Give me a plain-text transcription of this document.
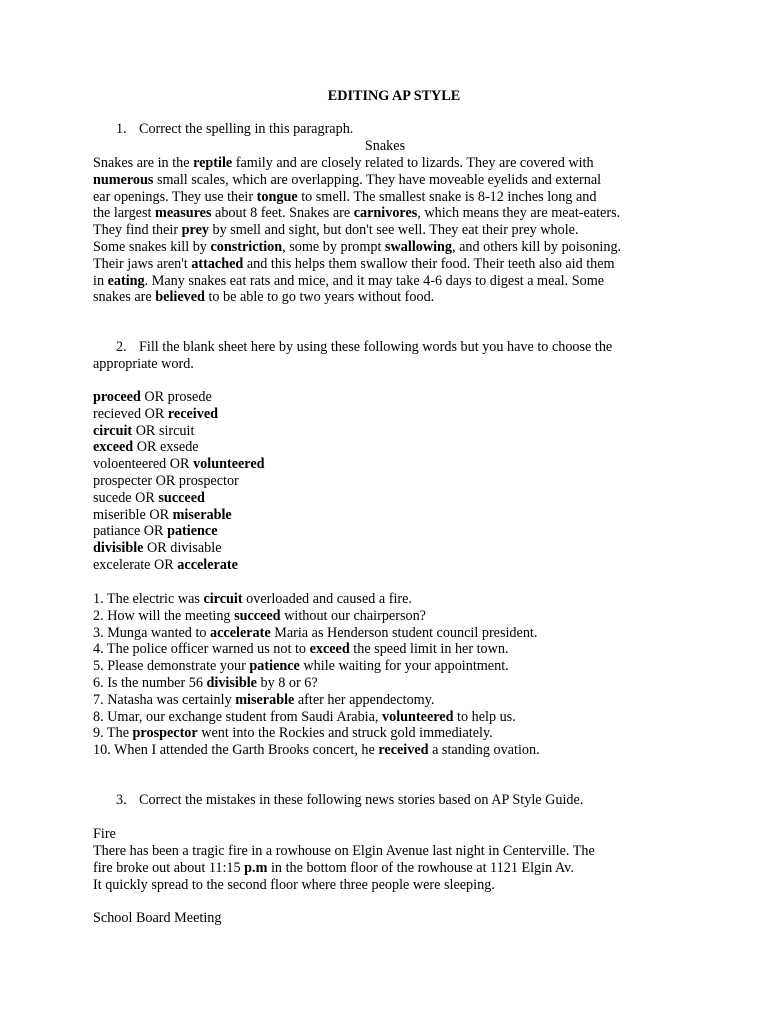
EDITING AP STYLE
1. Correct the spelling in this paragraph.
Snakes
Snakes are in the reptile family and are closely related to lizards. They are covered with
numerous small scales, which are overlapping. They have moveable eyelids and external
ear openings. They use their tongue to smell. The smallest snake is 8-12 inches long and
the largest measures about 8 feet. Snakes are carnivores, which means they are meat-eaters.
They find their prey by smell and sight, but don't see well. They eat their prey whole.
Some snakes kill by constriction, some by prompt swallowing, and others kill by poisoning.
Their jaws aren't attached and this helps them swallow their food. Their teeth also aid them
in eating. Many snakes eat rats and mice, and it may take 4-6 days to digest a meal. Some
snakes are believed to be able to go two years without food.
2. Fill the blank sheet here by using these following words but you have to choose the
appropriate word.
proceed OR prosede
recieved OR received
circuit OR sircuit
exceed OR exsede
voloenteered OR volunteered
prospecter OR prospector
sucede OR succeed
miserible OR miserable
patiance OR patience
divisible OR divisable
excelerate OR accelerate
1. The electric was circuit overloaded and caused a fire.
2. How will the meeting succeed without our chairperson?
3. Munga wanted to accelerate Maria as Henderson student council president.
4. The police officer warned us not to exceed the speed limit in her town.
5. Please demonstrate your patience while waiting for your appointment.
6. Is the number 56 divisible by 8 or 6?
7. Natasha was certainly miserable after her appendectomy.
8. Umar, our exchange student from Saudi Arabia, volunteered to help us.
9. The prospector went into the Rockies and struck gold immediately.
10. When I attended the Garth Brooks concert, he received a standing ovation.
3. Correct the mistakes in these following news stories based on AP Style Guide.
Fire
There has been a tragic fire in a rowhouse on Elgin Avenue last night in Centerville. The
fire broke out about 11:15 p.m in the bottom floor of the rowhouse at 1121 Elgin Av.
It quickly spread to the second floor where three people were sleeping.
School Board Meeting
